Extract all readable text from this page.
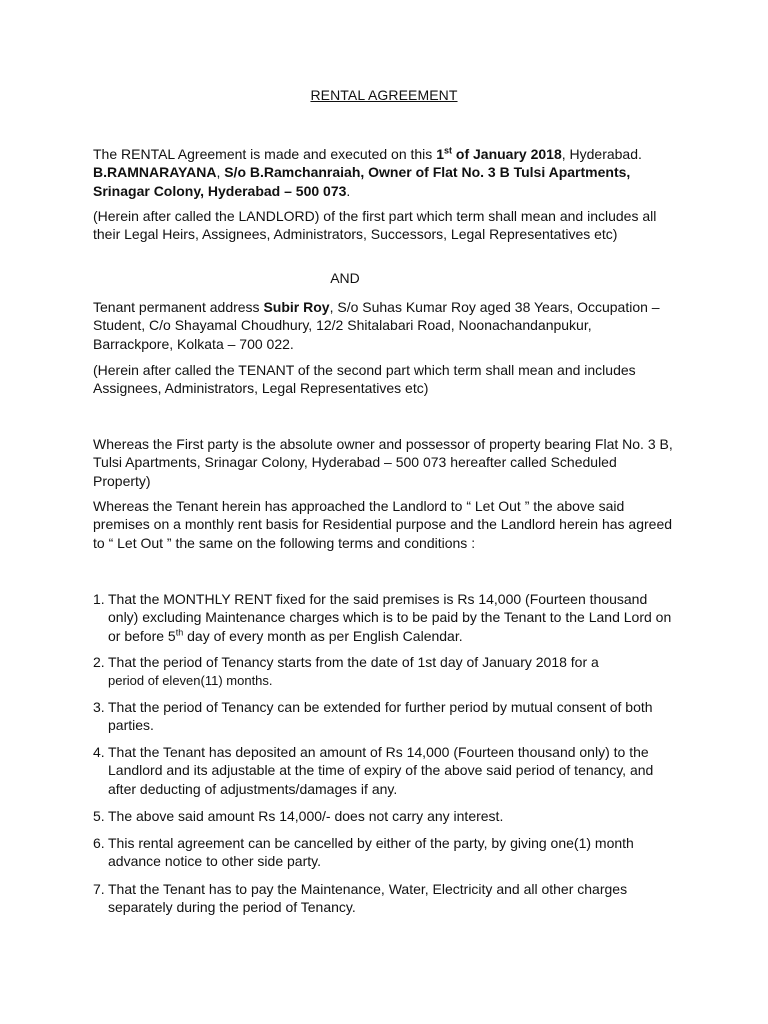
RENTAL AGREEMENT
The RENTAL Agreement is made and executed on this 1st of January 2018, Hyderabad. B.RAMNARAYANA, S/o B.Ramchanraiah, Owner of Flat No. 3 B Tulsi Apartments, Srinagar Colony, Hyderabad – 500 073.
(Herein after called the LANDLORD) of the first part which term shall mean and includes all their Legal Heirs, Assignees, Administrators, Successors, Legal Representatives etc)
AND
Tenant permanent address Subir Roy, S/o Suhas Kumar Roy aged 38 Years, Occupation – Student, C/o Shayamal Choudhury, 12/2 Shitalabari Road, Noonachandanpukur, Barrackpore, Kolkata – 700 022.
(Herein after called the TENANT of the second part which term shall mean and includes Assignees, Administrators, Legal Representatives etc)
Whereas the First party is the absolute owner and possessor of property bearing Flat No. 3 B, Tulsi Apartments, Srinagar Colony, Hyderabad – 500 073 hereafter called Scheduled Property)
Whereas the Tenant herein has approached the Landlord to “ Let Out ” the above said premises on a monthly rent basis for Residential purpose and the Landlord herein has agreed to “ Let Out ” the same on the following terms and conditions :
1. That the MONTHLY RENT fixed for the said premises is Rs 14,000 (Fourteen thousand only) excluding Maintenance charges which is to be paid by the Tenant to the Land Lord on or before 5th day of every month as per English Calendar.
2. That the period of Tenancy starts from the date of 1st day of January 2018 for a
period of eleven(11) months.
3. That the period of Tenancy can be extended for further period by mutual consent of both parties.
4. That the Tenant has deposited an amount of Rs 14,000 (Fourteen thousand only) to the Landlord and its adjustable at the time of expiry of the above said period of tenancy, and after deducting of adjustments/damages if any.
5. The above said amount Rs 14,000/- does not carry any interest.
6. This rental agreement can be cancelled by either of the party, by giving one(1) month advance notice to other side party.
7. That the Tenant has to pay the Maintenance, Water, Electricity and all other charges separately during the period of Tenancy.
